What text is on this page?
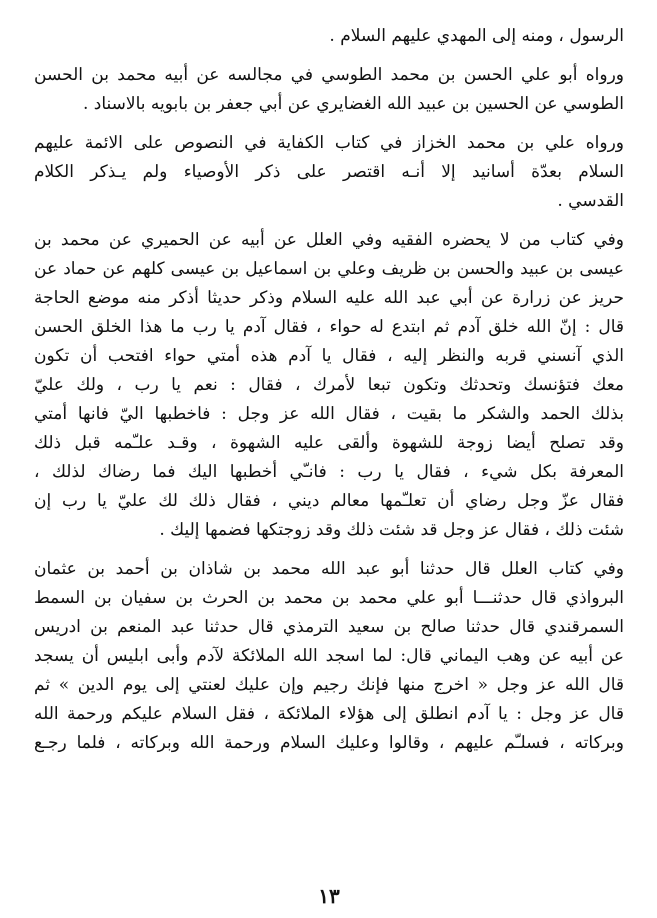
الرسول ، ومنه إلى المهدي عليهم السلام .
ورواه أبو علي الحسن بن محمد الطوسي في مجالسه عن أبيه محمد بن الحسن
الطوسي عن الحسين بن عبيد الله الغضايري عن أبي جعفر بن بابويه بالاسناد .
ورواه علي بن محمد الخزاز في كتاب الكفاية في النصوص على الائمة عليهم
السلام بعدّة أسانيد إلا أنـه اقتصر على ذكر الأوصياء ولم يـذكر الكلام
القدسي .
وفي كتاب من لا يحضره الفقيه وفي العلل عن أبيه عن الحميري عن محمد بن
عيسى بن عبيد والحسن بن ظريف وعلي بن اسماعيل بن عيسى كلهم عن حماد عن
حريز عن زرارة عن أبي عبد الله عليه السلام وذكر حديثا أذكر منه موضع الحاجة
قال : إنّ الله خلق آدم ثم ابتدع له حواء ، فقال آدم يا رب ما هذا الخلق الحسن
الذي آنسني قربه والنظر إليه ، فقال يا آدم هذه أمتي حواء افتحب أن تكون
معك فتؤنسك وتحدثك وتكون تبعا لأمرك ، فقال : نعم يا رب ، ولك عليّ
بذلك الحمد والشكر ما بقيت ، فقال الله عز وجل : فاخطبها اليّ فانها أمتي
وقد تصلح أيضا زوجة للشهوة وألقى عليه الشهوة ، وقـد علـّمه قبل ذلك
المعرفة بكل شيء ، فقال يا رب : فانـّي أخطبها اليك فما رضاك لذلك ،
فقال عزّ وجل رضاي أن تعلـّمها معالم ديني ، فقال ذلك لك عليّ يا رب إن
شئت ذلك ، فقال عز وجل قد شئت ذلك وقد زوجتكها فضمها إليك .
وفي كتاب العلل قال حدثنا أبو عبد الله محمد بن شاذان بن أحمد بن عثمان
البرواذي قال حدثنـــا أبو علي محمد بن محمد بن الحرث بن سفيان بن السمط
السمرقندي قال حدثنا صالح بن سعيد الترمذي قال حدثنا عبد المنعم بن ادريس
عن أبيه عن وهب اليماني قال: لما اسجد الله الملائكة لآدم وأبى ابليس أن يسجد
قال الله عز وجل « اخرج منها فإنك رجيم وإن عليك لعنتي إلى يوم الدين » ثم
قال عز وجل : يا آدم انطلق إلى هؤلاء الملائكة ، فقل السلام عليكم ورحمة الله
وبركاته ، فسلـّم عليهم ، وقالوا وعليك السلام ورحمة الله وبركاته ، فلما رجـع
١٣
